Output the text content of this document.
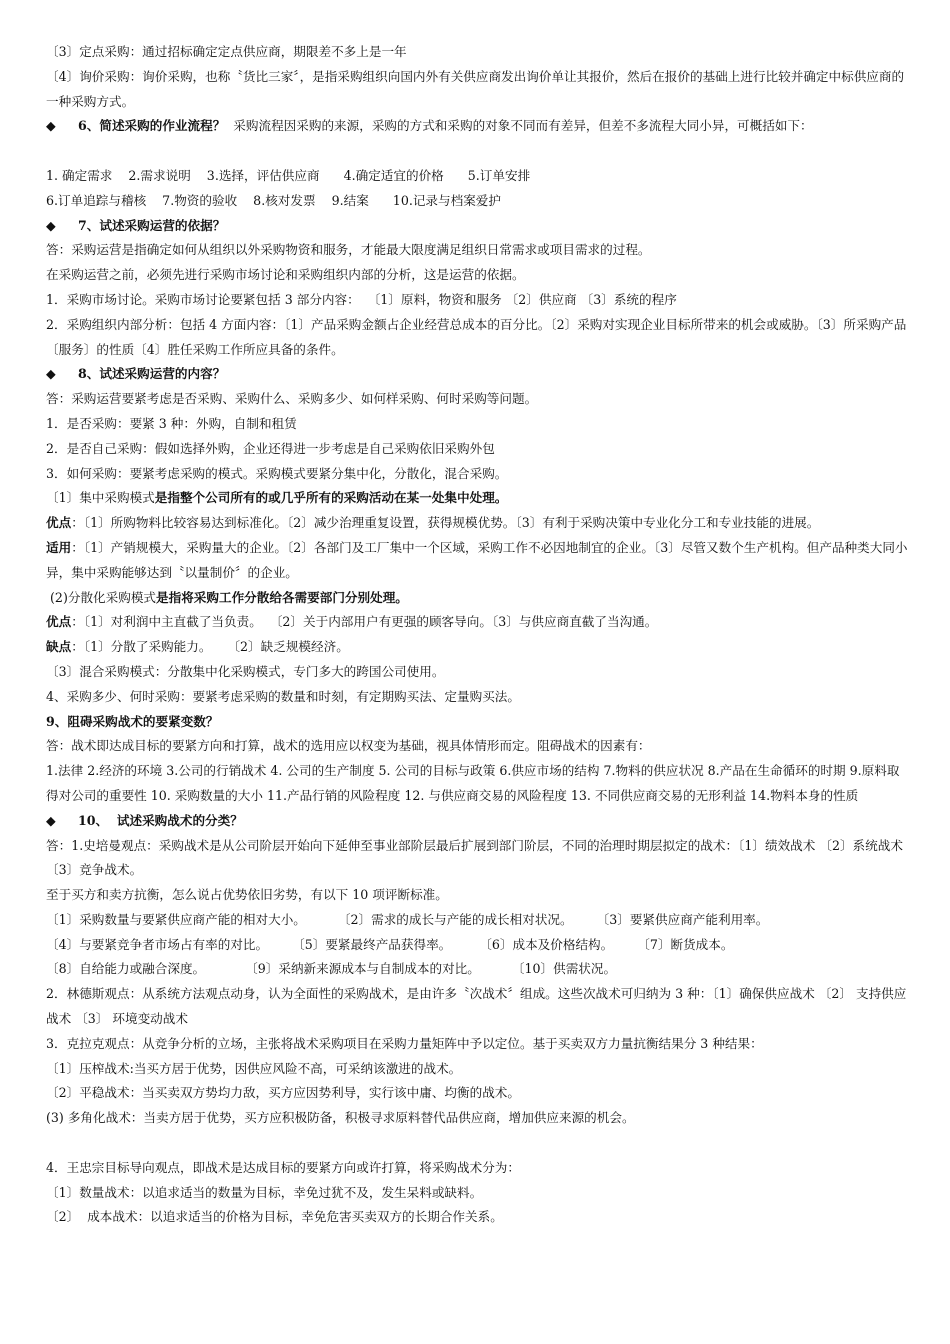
〔3〕定点采购：通过招标确定定点供应商，期限差不多上是一年
〔4〕询价采购：询价采购，也称〝货比三家〞，是指采购组织向国内外有关供应商发出询价单让其报价，然后在报价的基础上进行比较并确定中标供应商的一种采购方式。
◆ 6、简述采购的作业流程？  采购流程因采购的来源，采购的方式和采购的对象不同而有差异，但差不多流程大同小异，可概括如下：
1. 确定需求    2.需求说明    3.选择，评估供应商      4.确定适宜的价格      5.订单安排
6.订单追踪与稽核    7.物资的验收    8.核对发票    9.结案      10.记录与档案爱护
◆ 7、试述采购运营的依据？
答：采购运营是指确定如何从组织以外采购物资和服务，才能最大限度满足组织日常需求或项目需求的过程。
在采购运营之前，必须先进行采购市场讨论和采购组织内部的分析，这是运营的依据。
1．采购市场讨论。采购市场讨论要紧包括 3 部分内容：  〔1〕原料，物资和服务 〔2〕供应商 〔3〕系统的程序
2．采购组织内部分析：包括 4 方面内容：〔1〕产品采购金额占企业经营总成本的百分比。〔2〕采购对实现企业目标所带来的机会或威胁。〔3〕所采购产品〔服务〕的性质〔4〕胜任采购工作所应具备的条件。
◆ 8、试述采购运营的内容？
答：采购运营要紧考虑是否采购、采购什么、采购多少、如何样采购、何时采购等问题。
1．是否采购：要紧 3 种：外购，自制和租赁
2．是否自己采购：假如选择外购，企业还得进一步考虑是自己采购依旧采购外包
3．如何采购：要紧考虑采购的模式。采购模式要紧分集中化，分散化，混合采购。
〔1〕集中采购模式是指整个公司所有的或几乎所有的采购活动在某一处集中处理。
优点：〔1〕所购物料比较容易达到标准化。〔2〕减少治理重复设置，获得规模优势。〔3〕有利于采购决策中专业化分工和专业技能的进展。
适用：〔1〕产销规模大，采购量大的企业。〔2〕各部门及工厂集中一个区域，采购工作不必因地制宜的企业。〔3〕尽管又数个生产机构。但产品种类大同小异，集中采购能够达到〝以量制价〞的企业。
(2)分散化采购模式是指将采购工作分散给各需要部门分别处理。
优点：〔1〕对利润中主直截了当负责。  〔2〕关于内部用户有更强的顾客导向。〔3〕与供应商直截了当沟通。
缺点：〔1〕分散了采购能力。    〔2〕缺乏规模经济。
〔3〕混合采购模式：分散集中化采购模式，专门多大的跨国公司使用。
4、采购多少、何时采购：要紧考虑采购的数量和时刻，有定期购买法、定量购买法。
9、阻碍采购战术的要紧变数？
答：战术即达成目标的要紧方向和打算，战术的选用应以权变为基础，视具体情形而定。阻碍战术的因素有：
1.法律 2.经济的环境 3.公司的行销战术 4. 公司的生产制度 5. 公司的目标与政策 6.供应市场的结构 7.物料的供应状况 8.产品在生命循环的时期 9.原料取得对公司的重要性 10. 采购数量的大小 11.产品行销的风险程度 12. 与供应商交易的风险程度 13. 不同供应商交易的无形利益 14.物料本身的性质
◆ 10、  试述采购战术的分类？
答：1.史培曼观点：采购战术是从公司阶层开始向下延伸至事业部阶层最后扩展到部门阶层，不同的治理时期层拟定的战术：〔1〕绩效战术 〔2〕系统战术 〔3〕竞争战术。
至于买方和卖方抗衡，怎么说占优势依旧劣势，有以下 10 项评断标准。
〔1〕采购数量与要紧供应商产能的相对大小。        〔2〕需求的成长与产能的成长相对状况。      〔3〕要紧供应商产能利用率。
〔4〕与要紧竞争者市场占有率的对比。      〔5〕要紧最终产品获得率。       〔6〕成本及价格结构。      〔7〕断货成本。
〔8〕自给能力或融合深度。          〔9〕采纳新来源成本与自制成本的对比。        〔10〕供需状况。
2．林德斯观点：从系统方法观点动身，认为全面性的采购战术，是由许多〝次战术〞组成。这些次战术可归纳为 3 种：〔1〕确保供应战术 〔2〕 支持供应战术 〔3〕 环境变动战术
3．克拉克观点：从竞争分析的立场，主张将战术采购项目在采购力量矩阵中予以定位。基于买卖双方力量抗衡结果分 3 种结果：
〔1〕压榨战术:当买方居于优势，因供应风险不高，可采纳该激进的战术。
〔2〕平稳战术：当买卖双方势均力敌，买方应因势利导，实行该中庸、均衡的战术。
(3) 多角化战术：当卖方居于优势，买方应积极防备，积极寻求原料替代品供应商，增加供应来源的机会。
4．王忠宗目标导向观点，即战术是达成目标的要紧方向或许打算，将采购战术分为：
〔1〕数量战术：以追求适当的数量为目标，幸免过犹不及，发生呆料或缺料。
〔2〕  成本战术：以追求适当的价格为目标，幸免危害买卖双方的长期合作关系。
